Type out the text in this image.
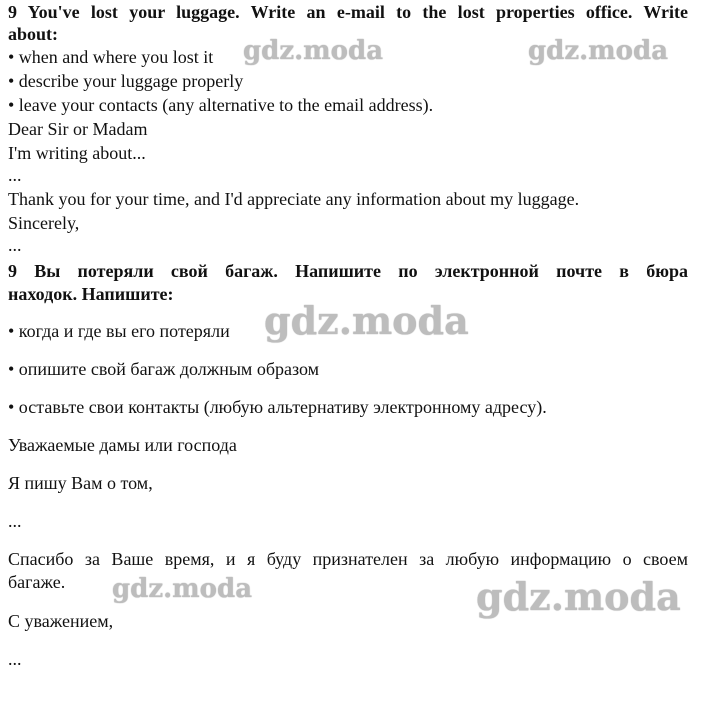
9 You've lost your luggage. Write an e-mail to the lost properties office. Write
about:
• when and where you lost it
• describe your luggage properly
• leave your contacts (any alternative to the email address).
Dear Sir or Madam
I'm writing about...
...
Thank you for your time, and I'd appreciate any information about my luggage.
Sincerely,
...
9 Вы потеряли свой багаж. Напишите по электронной почте в бюра
находок. Напишите:
• когда и где вы его потеряли
• опишите свой багаж должным образом
• оставьте свои контакты (любую альтернативу электронному адресу).
Уважаемые дамы или господа
Я пишу Вам о том,
...
Спасибо за Ваше время, и я буду признателен за любую информацию о своем
багаже.
С уважением,
...
gdz.moda	gdz.moda
gdz.moda
gdz.moda	gdz.moda
